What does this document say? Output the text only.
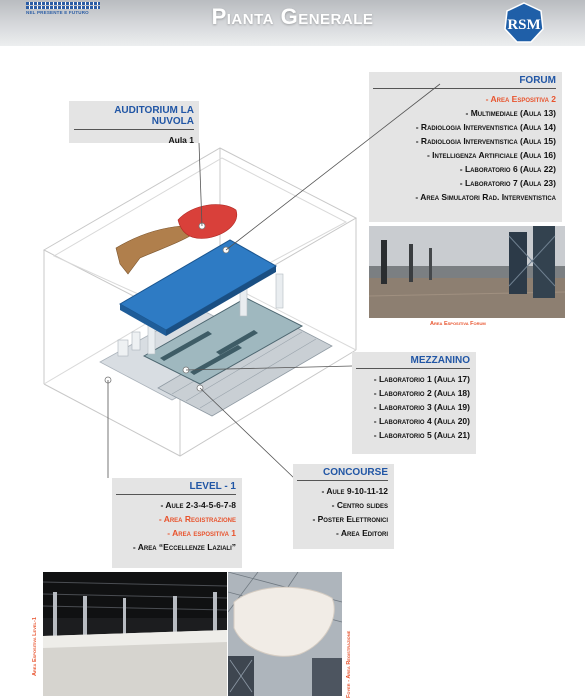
NEL PRESENTE E FUTURO	Pianta Generale	RSM
AUDITORIUM LA NUVOLA
Aula 1
FORUM
- Area Espositiva 2
- Multimediale (Aula 13)
- Radiologia Interventistica (Aula 14)
- Radiologia Interventistica (Aula 15)
- Intelligenza Artificiale (Aula 16)
- Laboratorio 6 (Aula 22)
- Laboratorio 7 (Aula 23)
- Area Simulatori Rad. Interventistica
Area Espositiva Forum
MEZZANINO
- Laboratorio 1 (Aula 17)
- Laboratorio 2 (Aula 18)
- Laboratorio 3 (Aula 19)
- Laboratorio 4 (Aula 20)
- Laboratorio 5 (Aula 21)
CONCOURSE
- Aule 9-10-11-12
- Centro slides
- Poster Elettronici
- Area Editori
LEVEL - 1
- Aule 2-3-4-5-6-7-8
- Area Registrazione
- Area espositiva 1
- Area “Eccellenze Laziali”
Area Espositiva Level-1	Foyer - Area Registrazione
